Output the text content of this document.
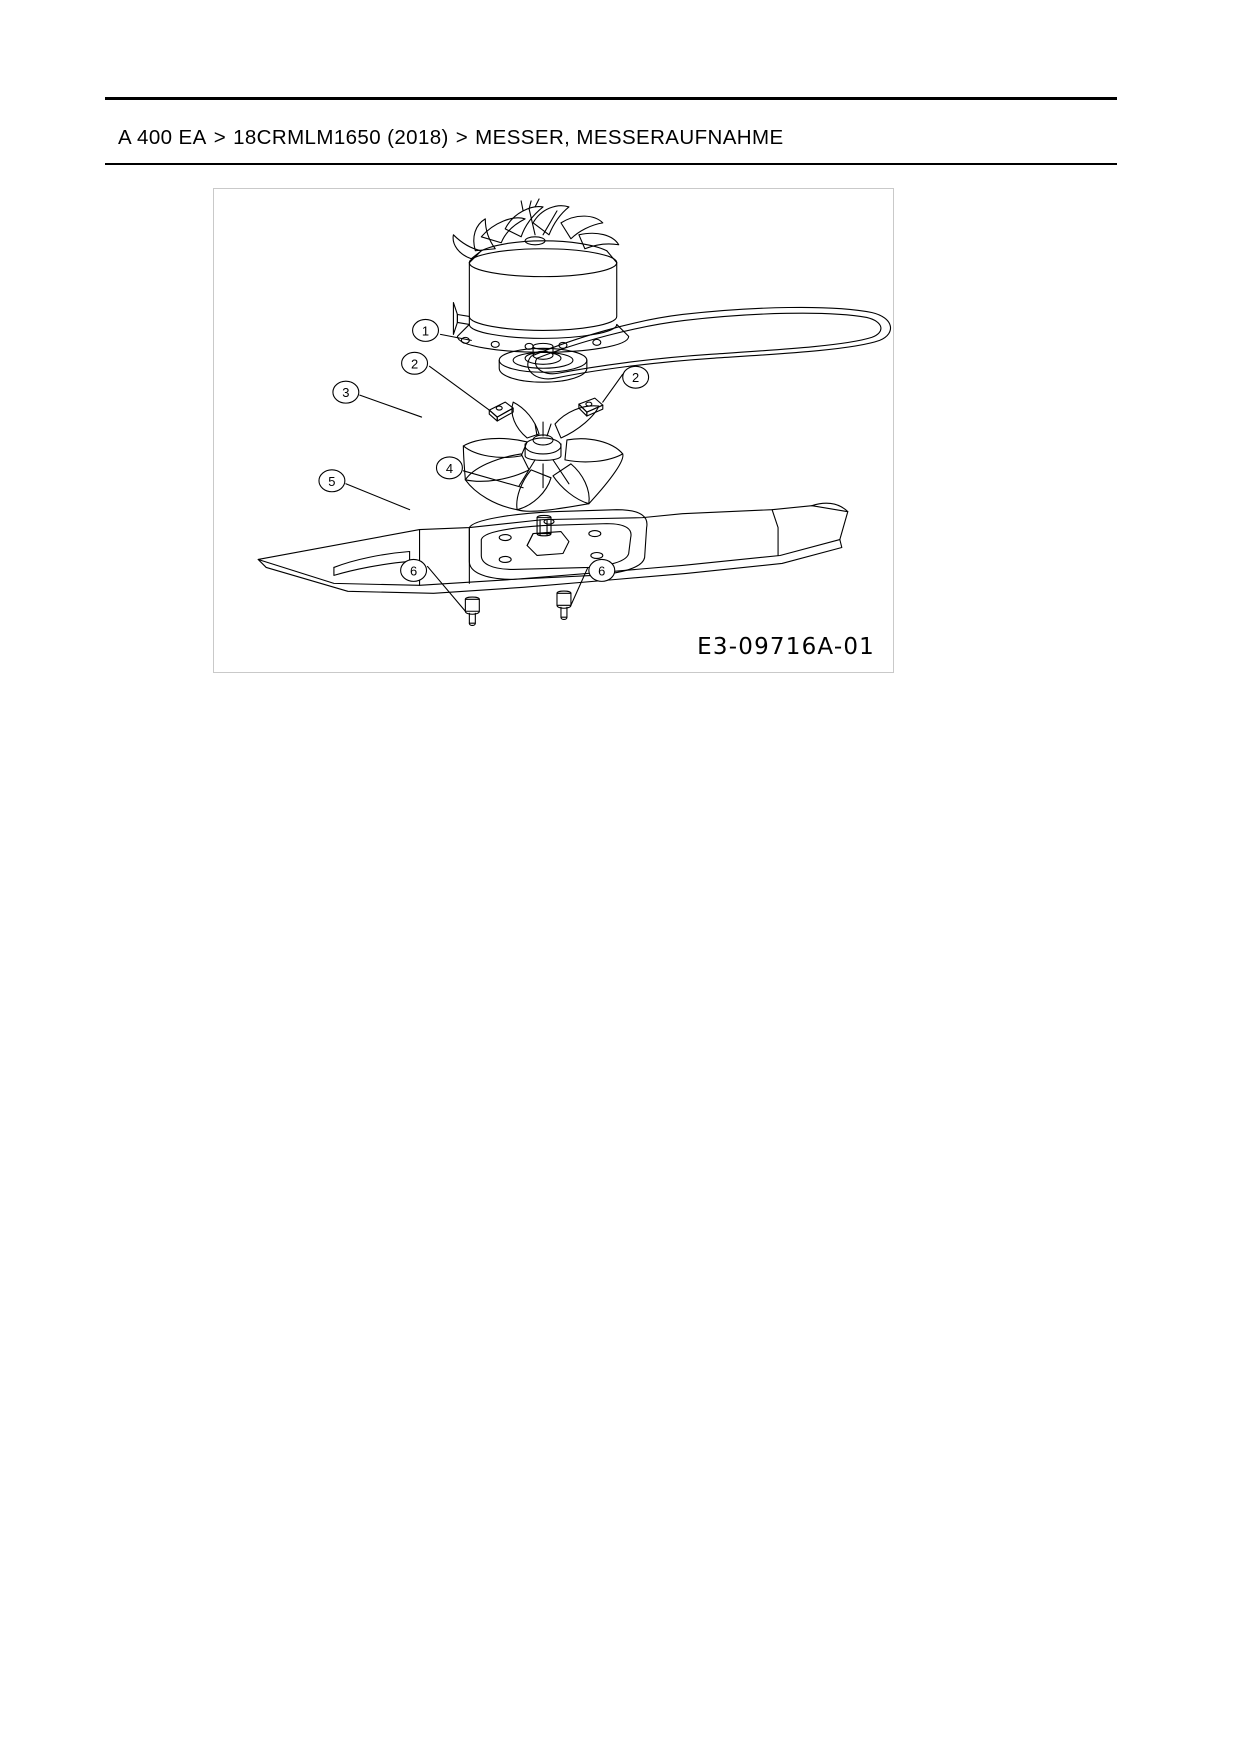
A 400 EA > 18CRMLM1650 (2018) > MESSER, MESSERAUFNAHME
1
2
2
3
4
5
6	6
E3-09716A-01
